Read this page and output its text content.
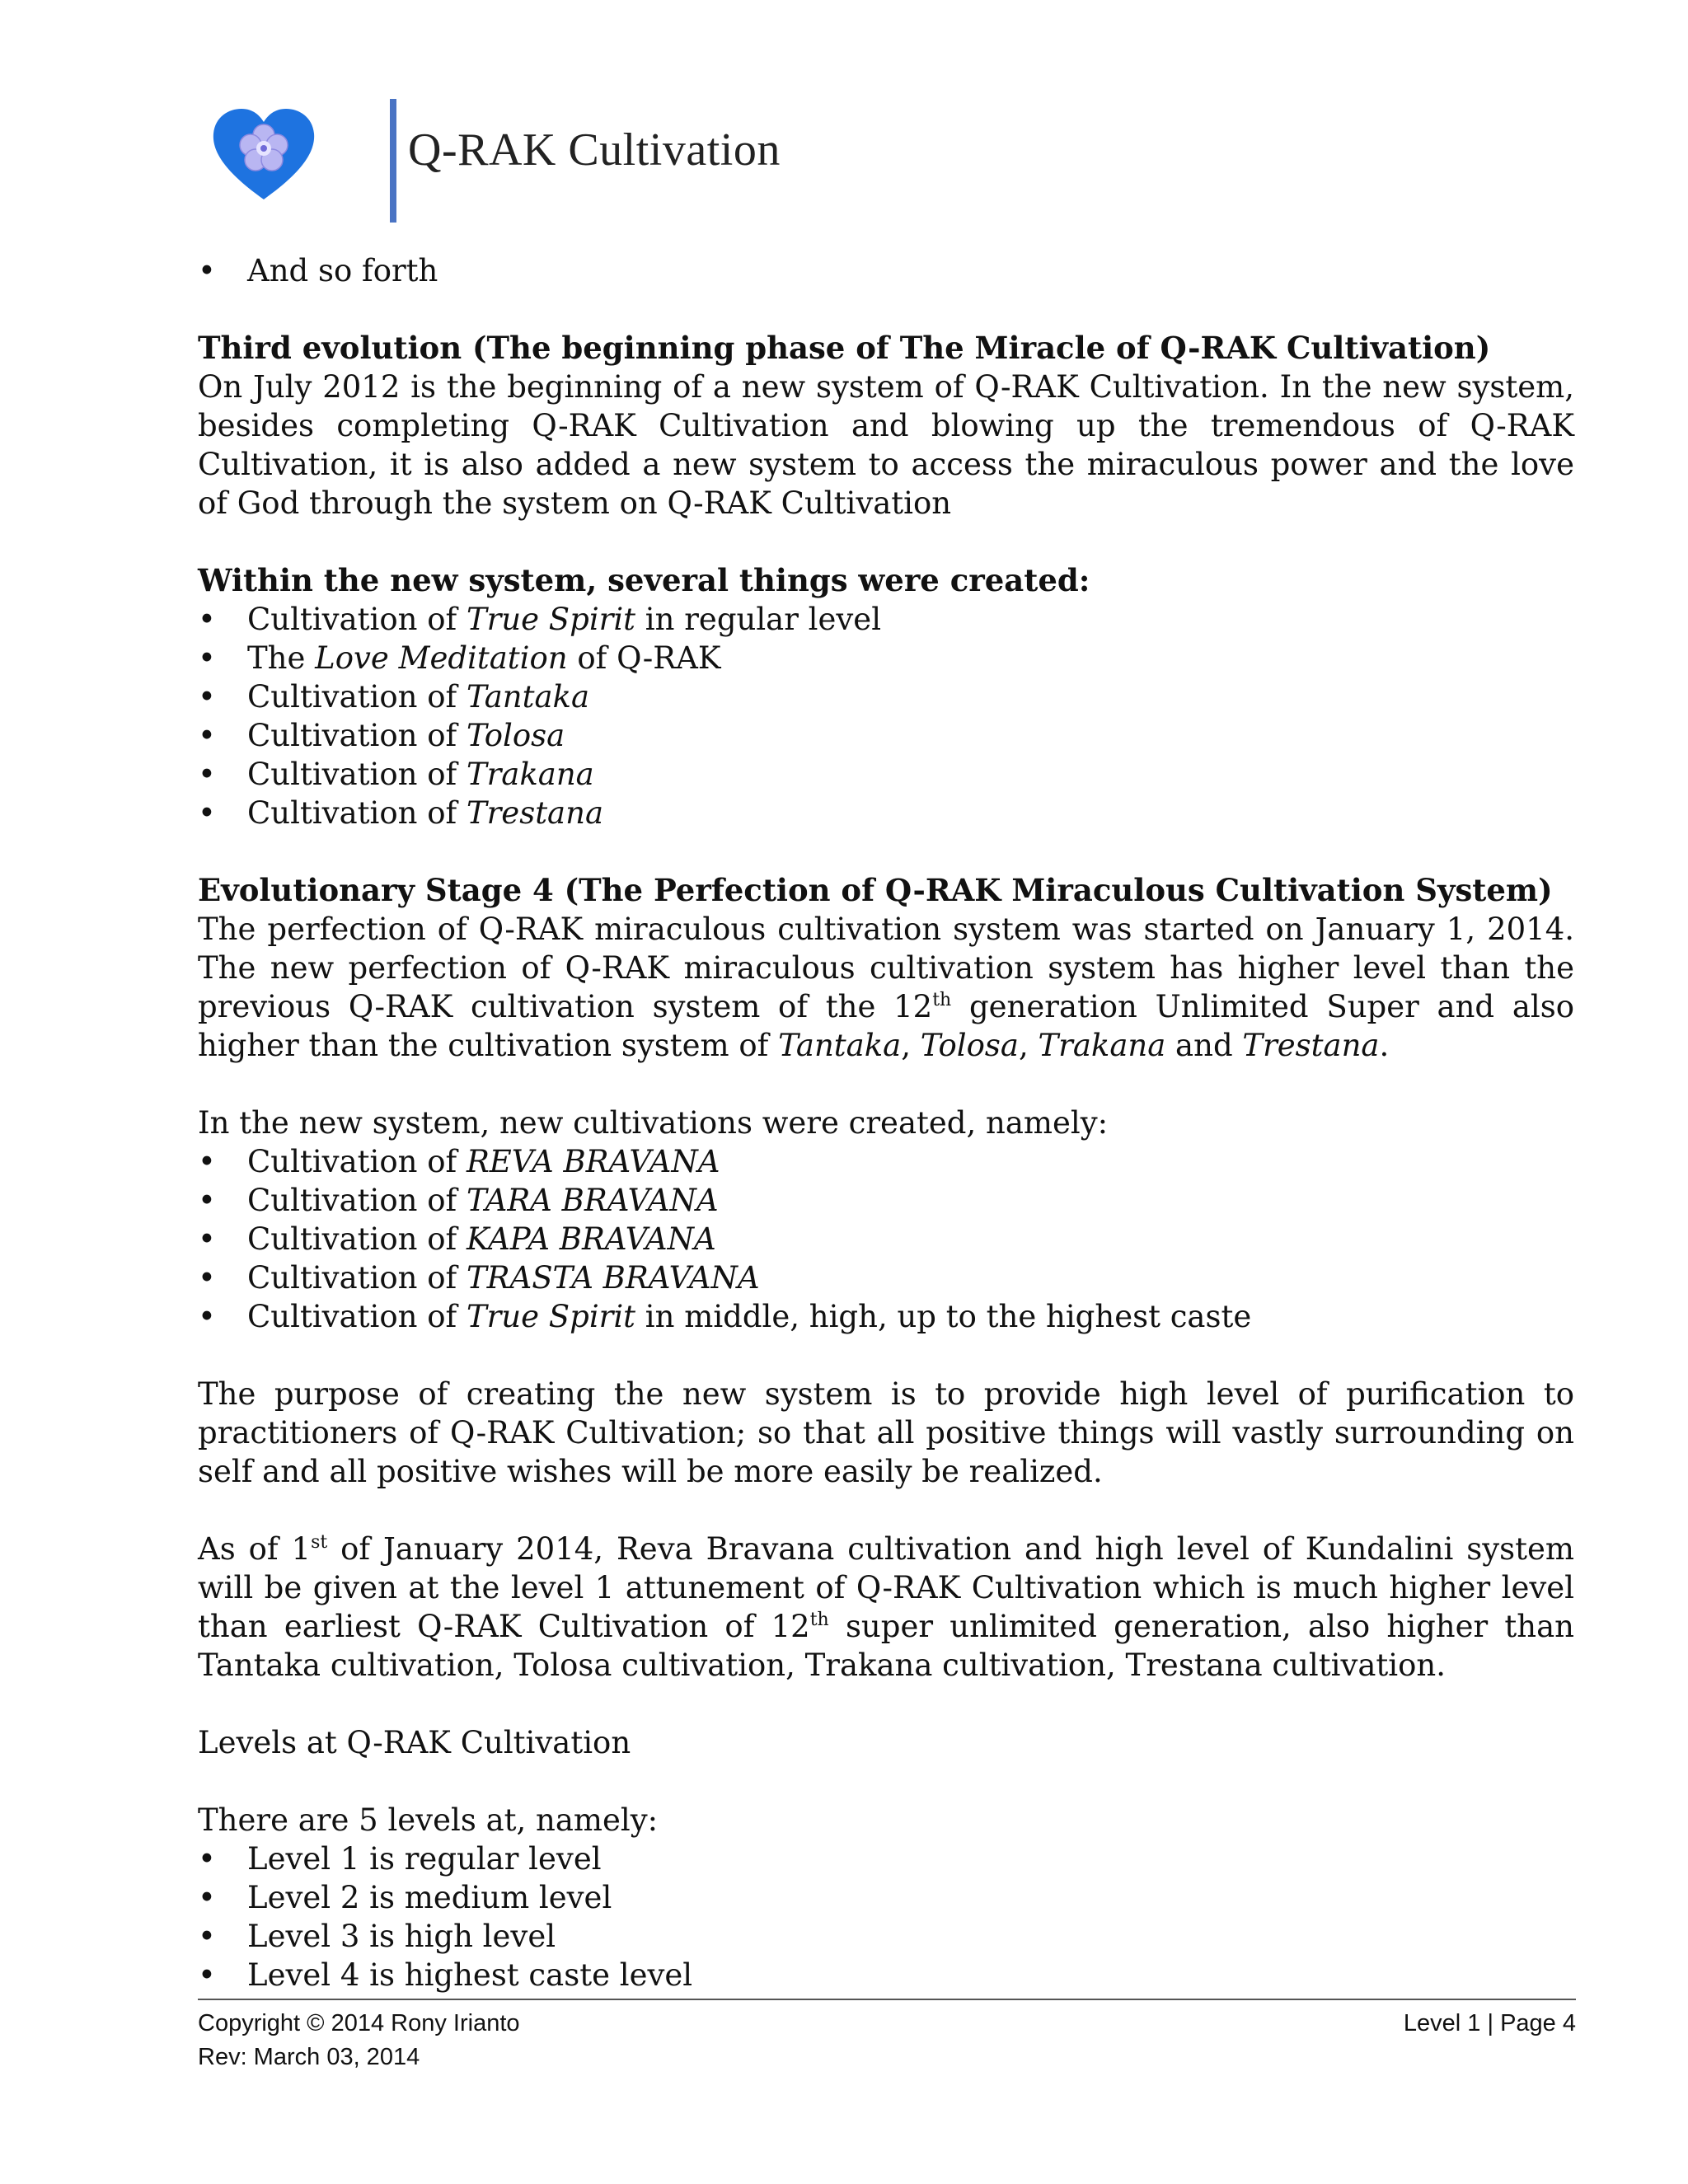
Q-RAK Cultivation
• And so forth

Third evolution (The beginning phase of The Miracle of Q-RAK Cultivation)

On July 2012 is the beginning of a new system of Q-RAK Cultivation. In the new system, besides completing Q-RAK Cultivation and blowing up the tremendous of Q-RAK Cultivation, it is also added a new system to access the miraculous power and the love of God through the system on Q-RAK Cultivation

Within the new system, several things were created:

• Cultivation of True Spirit in regular level
• The Love Meditation of Q-RAK
• Cultivation of Tantaka
• Cultivation of Tolosa
• Cultivation of Trakana
• Cultivation of Trestana

Evolutionary Stage 4 (The Perfection of Q-RAK Miraculous Cultivation System)

The perfection of Q-RAK miraculous cultivation system was started on January 1, 2014. The new perfection of Q-RAK miraculous cultivation system has higher level than the previous Q-RAK cultivation system of the 12th generation Unlimited Super and also higher than the cultivation system of Tantaka, Tolosa, Trakana and Trestana.

In the new system, new cultivations were created, namely:

• Cultivation of REVA BRAVANA
• Cultivation of TARA BRAVANA
• Cultivation of KAPA BRAVANA
• Cultivation of TRASTA BRAVANA
• Cultivation of True Spirit in middle, high, up to the highest caste

The purpose of creating the new system is to provide high level of purification to practitioners of Q-RAK Cultivation; so that all positive things will vastly surrounding on self and all positive wishes will be more easily be realized.

As of 1st of January 2014, Reva Bravana cultivation and high level of Kundalini system will be given at the level 1 attunement of Q-RAK Cultivation which is much higher level than earliest Q-RAK Cultivation of 12th super unlimited generation, also higher than Tantaka cultivation, Tolosa cultivation, Trakana cultivation, Trestana cultivation.

Levels at Q-RAK Cultivation

There are 5 levels at, namely:

• Level 1 is regular level
• Level 2 is medium level
• Level 3 is high level
• Level 4 is highest caste level
Copyright © 2014 Rony Irianto
Rev: March 03, 2014
Level 1 | Page 4
